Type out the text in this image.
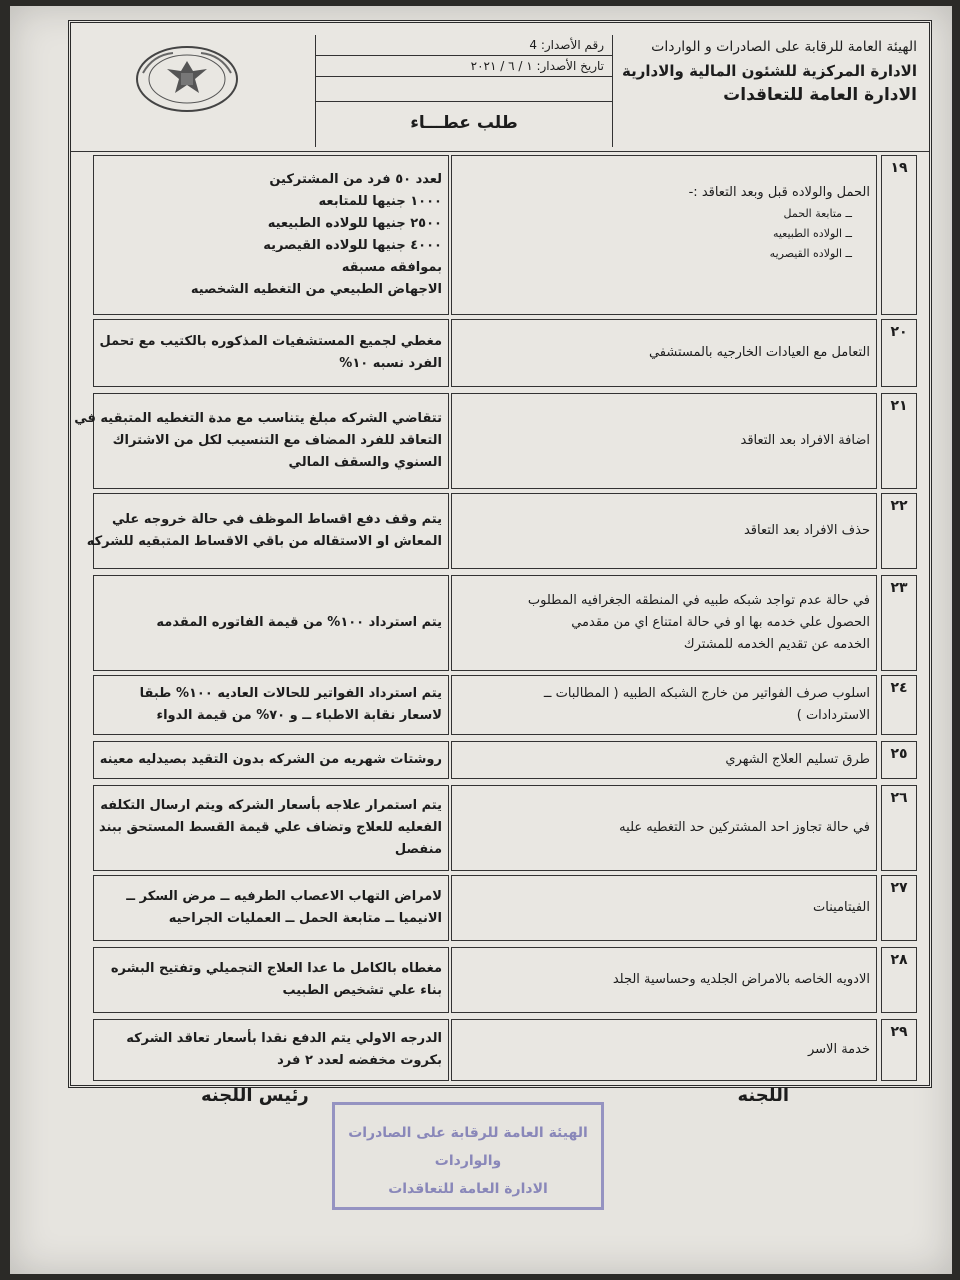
الهيئة العامة للرقابة على الصادرات و الواردات
الادارة المركزية للشئون المالية والادارية
الادارة العامة للتعاقدات
رقم الأصدار: 4
تاريخ الأصدار: ١ / ٦ / ٢٠٢١
طلب عطـــاء
١٩
الحمل والولاده قبل وبعد التعاقد :-
ــ متابعة الحمل
ــ الولاده الطبيعيه
ــ الولاده القيصريه
لعدد ٥٠ فرد من المشتركين
١٠٠٠ جنيها للمتابعه
٢٥٠٠ جنيها للولاده الطبيعيه
٤٠٠٠ جنيها للولاده القيصريه
بموافقه مسبقه
الاجهاض الطبيعي من التغطيه الشخصيه
٢٠
التعامل مع العيادات الخارجيه بالمستشفي
مغطي لجميع المستشفيات المذكوره بالكتيب مع تحمل
الفرد نسبه ١٠%
٢١
اضافة الافراد بعد التعاقد
تتقاضي الشركه مبلغ يتناسب مع مدة التغطيه المتبقيه في
التعاقد للفرد المضاف مع التنسيب لكل من الاشتراك
السنوي والسقف المالي
٢٢
حذف الافراد بعد التعاقد
يتم وقف دفع اقساط الموظف في حالة خروجه علي
المعاش او الاستقاله من باقي الاقساط المتبقيه للشركه
٢٣
في حالة عدم تواجد شبكه طبيه في المنطقه الجغرافيه المطلوب
الحصول علي خدمه بها او في حالة امتناع اي من مقدمي
الخدمه عن تقديم الخدمه للمشترك
يتم استرداد ١٠٠% من قيمة الفاتوره المقدمه
٢٤
اسلوب صرف الفواتير من خارج الشبكه الطبيه ( المطالبات ــ
الاستردادات )
يتم استرداد الفواتير للحالات العاديه ١٠٠% طبقا
لاسعار نقابة الاطباء ــ و ٧٠% من قيمة الدواء
٢٥
طرق تسليم العلاج الشهري
روشتات شهريه من الشركه بدون التقيد بصيدليه معينه
٢٦
في حالة تجاوز احد المشتركين حد التغطيه عليه
يتم استمرار علاجه بأسعار الشركه ويتم ارسال التكلفه
الفعليه للعلاج وتضاف علي قيمة القسط المستحق ببند
منفصل
٢٧
الفيتامينات
لامراض التهاب الاعصاب الطرفيه ــ مرض السكر ــ
الانيميا ــ متابعة الحمل ــ العمليات الجراحيه
٢٨
الادويه الخاصه بالامراض الجلديه وحساسية الجلد
مغطاه بالكامل ما عدا العلاج التجميلي وتفتيح البشره
بناء علي تشخيص الطبيب
٢٩
خدمة الاسر
الدرجه الاولي يتم الدفع نقدا بأسعار تعاقد الشركه
بكروت مخفضه لعدد ٢ فرد
اللجنه
رئيس اللجنه
الهيئة العامة للرقابة على الصادرات والواردات
الادارة العامة للتعاقدات
